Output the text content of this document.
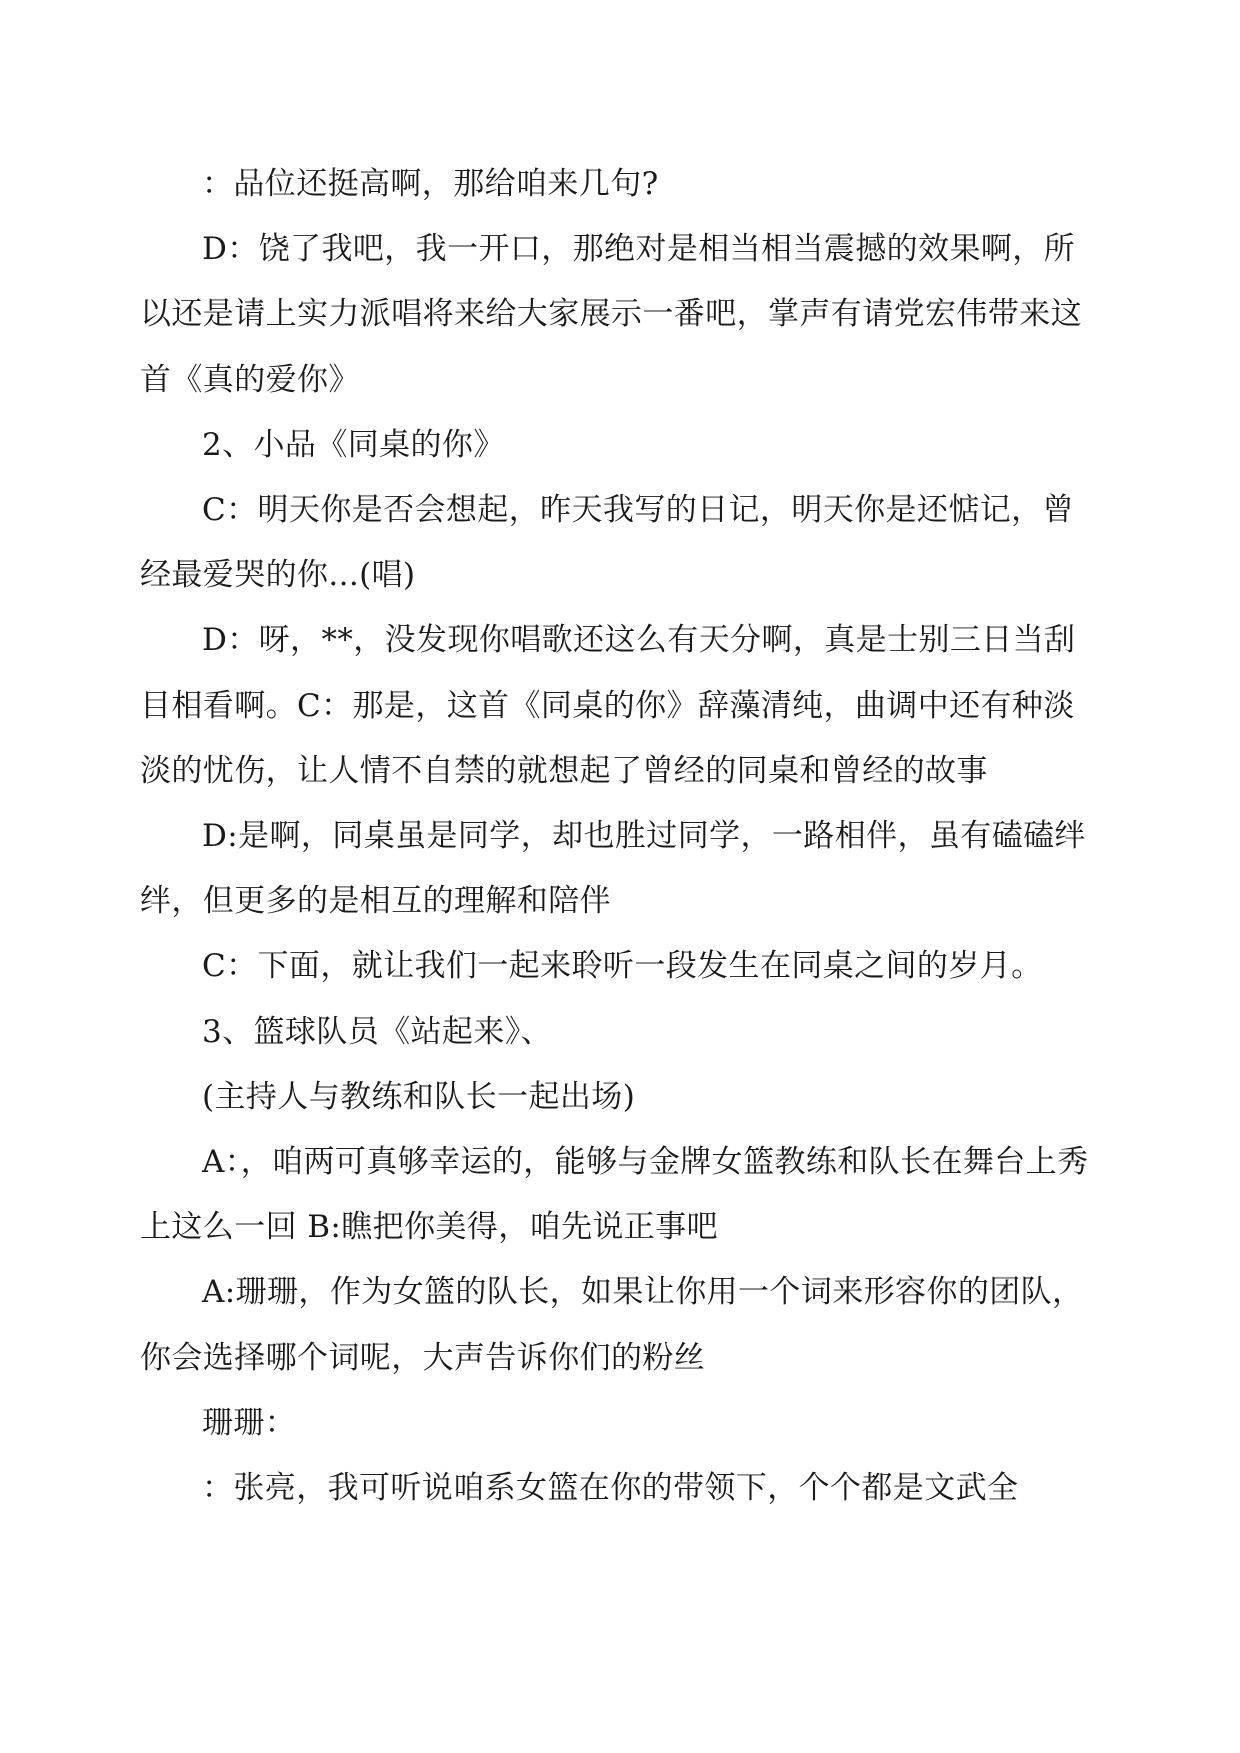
：品位还挺高啊，那给咱来几句?

D：饶了我吧，我一开口，那绝对是相当相当震撼的效果啊，所以还是请上实力派唱将来给大家展示一番吧，掌声有请党宏伟带来这首《真的爱你》

2、小品《同桌的你》

C：明天你是否会想起，昨天我写的日记，明天你是还惦记，曾经最爱哭的你...(唱)

D：呀，**，没发现你唱歌还这么有天分啊，真是士别三日当刮目相看啊。C：那是，这首《同桌的你》辞藻清纯，曲调中还有种淡淡的忧伤，让人情不自禁的就想起了曾经的同桌和曾经的故事

D:是啊，同桌虽是同学，却也胜过同学，一路相伴，虽有磕磕绊绊，但更多的是相互的理解和陪伴

C：下面，就让我们一起来聆听一段发生在同桌之间的岁月。

3、篮球队员《站起来》、

(主持人与教练和队长一起出场)

A：，咱两可真够幸运的，能够与金牌女篮教练和队长在舞台上秀上这么一回 B:瞧把你美得，咱先说正事吧

A:珊珊，作为女篮的队长，如果让你用一个词来形容你的团队，你会选择哪个词呢，大声告诉你们的粉丝

珊珊：

：张亮，我可听说咱系女篮在你的带领下，个个都是文武全
